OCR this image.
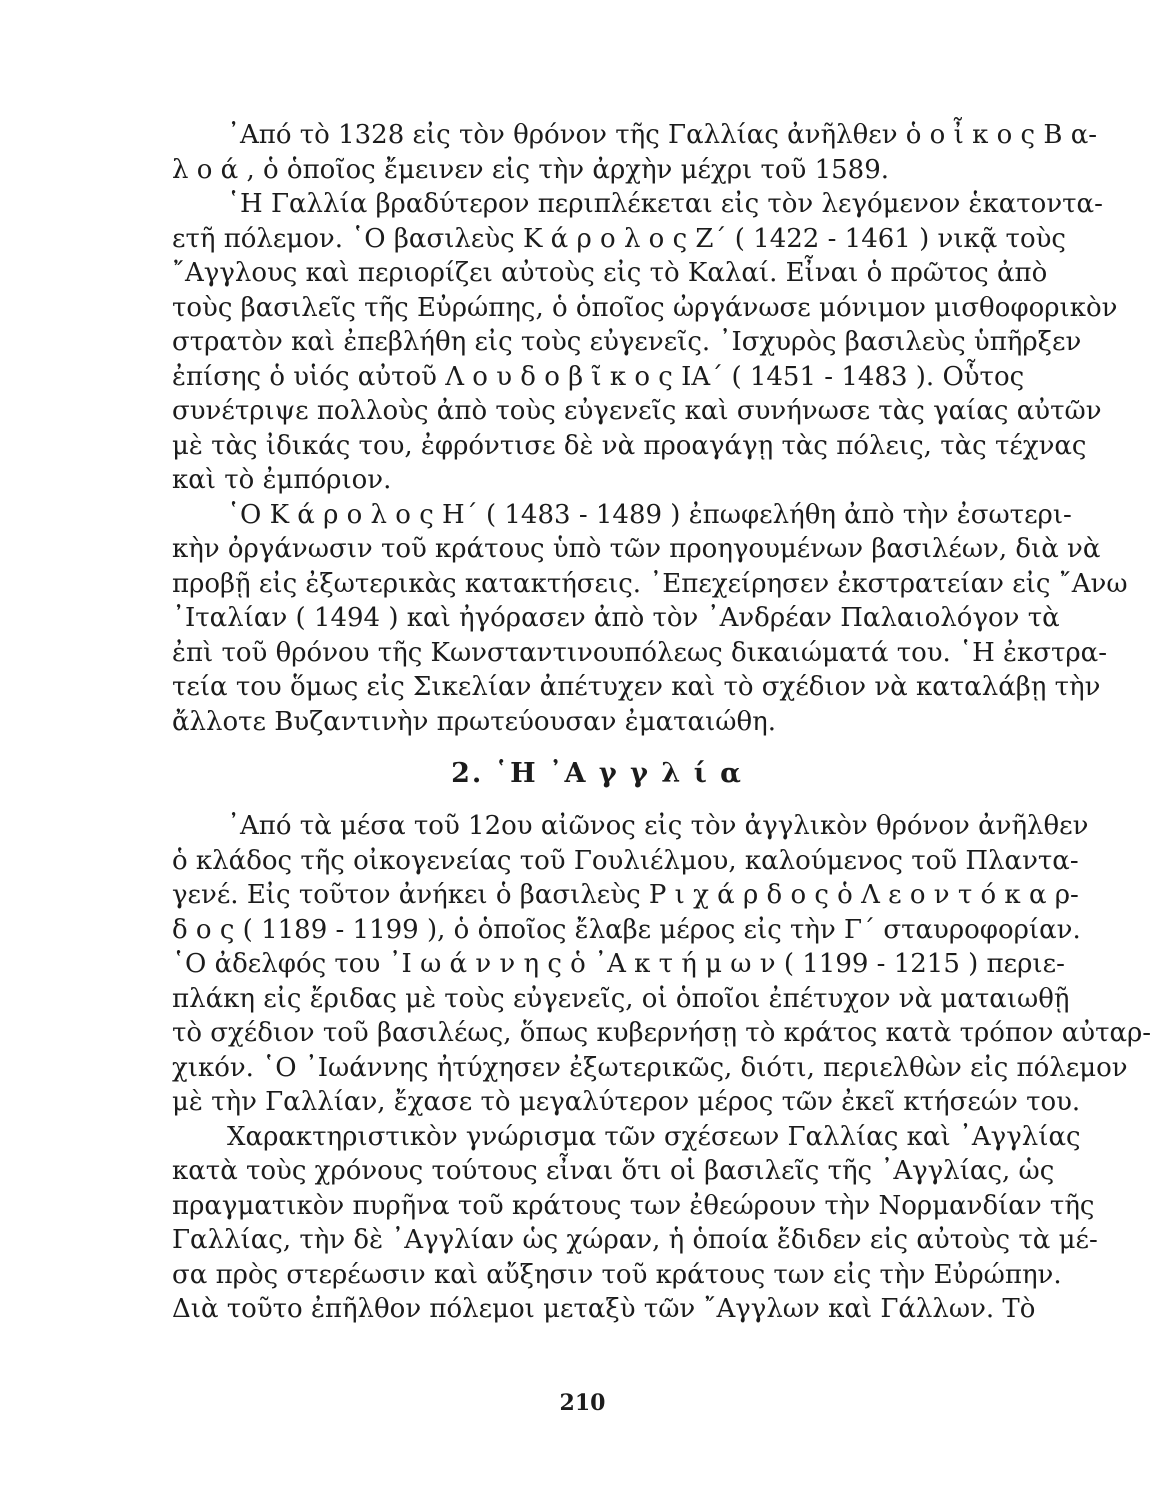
᾿Από τὸ 1328 εἰς τὸν θρόνον τῆς Γαλλίας ἀνῆλθεν ὁ ο ἶ κ ο ς Β α-
λ ο ά , ὁ ὁποῖος ἔμεινεν εἰς τὴν ἀρχὴν μέχρι τοῦ 1589.
῾Η Γαλλία βραδύτερον περιπλέκεται εἰς τὸν λεγόμενον ἑκατοντα-
ετῆ πόλεμον. ῾Ο βασιλεὺς Κ ά ρ ο λ ο ς Ζ΄ ( 1422 - 1461 ) νικᾷ τοὺς
῎Αγγλους καὶ περιορίζει αὐτοὺς εἰς τὸ Καλαί. Εἶναι ὁ πρῶτος ἀπὸ
τοὺς βασιλεῖς τῆς Εὐρώπης, ὁ ὁποῖος ὠργάνωσε μόνιμον μισθοφορικὸν
στρατὸν καὶ ἐπεβλήθη εἰς τοὺς εὐγενεῖς. ᾿Ισχυρὸς βασιλεὺς ὑπῆρξεν
ἐπίσης ὁ υἱός αὐτοῦ Λ ο υ δ ο β ῖ κ ο ς ΙΑ΄ ( 1451 - 1483 ). Οὗτος
συνέτριψε πολλοὺς ἀπὸ τοὺς εὐγενεῖς καὶ συνήνωσε τὰς γαίας αὐτῶν
μὲ τὰς ἰδικάς του, ἐφρόντισε δὲ νὰ προαγάγῃ τὰς πόλεις, τὰς τέχνας
καὶ τὸ ἐμπόριον.
῾Ο Κ ά ρ ο λ ο ς Η΄ ( 1483 - 1489 ) ἐπωφελήθη ἀπὸ τὴν ἐσωτερι-
κὴν ὀργάνωσιν τοῦ κράτους ὑπὸ τῶν προηγουμένων βασιλέων, διὰ νὰ
προβῇ εἰς ἐξωτερικὰς κατακτήσεις. ᾿Επεχείρησεν ἐκστρατείαν εἰς ῎Ανω
᾿Ιταλίαν ( 1494 ) καὶ ἠγόρασεν ἀπὸ τὸν ᾿Ανδρέαν Παλαιολόγον τὰ
ἐπὶ τοῦ θρόνου τῆς Κωνσταντινουπόλεως δικαιώματά του. ῾Η ἐκστρα-
τεία του ὅμως εἰς Σικελίαν ἀπέτυχεν καὶ τὸ σχέδιον νὰ καταλάβῃ τὴν
ἄλλοτε Βυζαντινὴν πρωτεύουσαν ἐματαιώθη.
2. ῾Η ᾿Α γ γ λ ί α
᾿Από τὰ μέσα τοῦ 12ου αἰῶνος εἰς τὸν ἀγγλικὸν θρόνον ἀνῆλθεν
ὁ κλάδος τῆς οἰκογενείας τοῦ Γουλιέλμου, καλούμενος τοῦ Πλαντα-
γενέ. Εἰς τοῦτον ἀνήκει ὁ βασιλεὺς Ρ ι χ ά ρ δ ο ς ὁ Λ ε ο ν τ ό κ α ρ-
δ ο ς ( 1189 - 1199 ), ὁ ὁποῖος ἔλαβε μέρος εἰς τὴν Γ΄ σταυροφορίαν.
῾Ο ἀδελφός του ᾿Ι ω ά ν ν η ς ὁ ᾿Α κ τ ή μ ω ν ( 1199 - 1215 ) περιε-
πλάκη εἰς ἔριδας μὲ τοὺς εὐγενεῖς, οἱ ὁποῖοι ἐπέτυχον νὰ ματαιωθῇ
τὸ σχέδιον τοῦ βασιλέως, ὅπως κυβερνήσῃ τὸ κράτος κατὰ τρόπον αὐταρ-
χικόν. ῾Ο ᾿Ιωάννης ἠτύχησεν ἐξωτερικῶς, διότι, περιελθὼν εἰς πόλεμον
μὲ τὴν Γαλλίαν, ἔχασε τὸ μεγαλύτερον μέρος τῶν ἐκεῖ κτήσεών του.
Χαρακτηριστικὸν γνώρισμα τῶν σχέσεων Γαλλίας καὶ ᾿Αγγλίας
κατὰ τοὺς χρόνους τούτους εἶναι ὅτι οἱ βασιλεῖς τῆς ᾿Αγγλίας, ὡς
πραγματικὸν πυρῆνα τοῦ κράτους των ἐθεώρουν τὴν Νορμανδίαν τῆς
Γαλλίας, τὴν δὲ ᾿Αγγλίαν ὡς χώραν, ἡ ὁποία ἔδιδεν εἰς αὐτοὺς τὰ μέ-
σα πρὸς στερέωσιν καὶ αὔξησιν τοῦ κράτους των εἰς τὴν Εὐρώπην.
Διὰ τοῦτο ἐπῆλθον πόλεμοι μεταξὺ τῶν ῎Αγγλων καὶ Γάλλων. Τὸ
210
